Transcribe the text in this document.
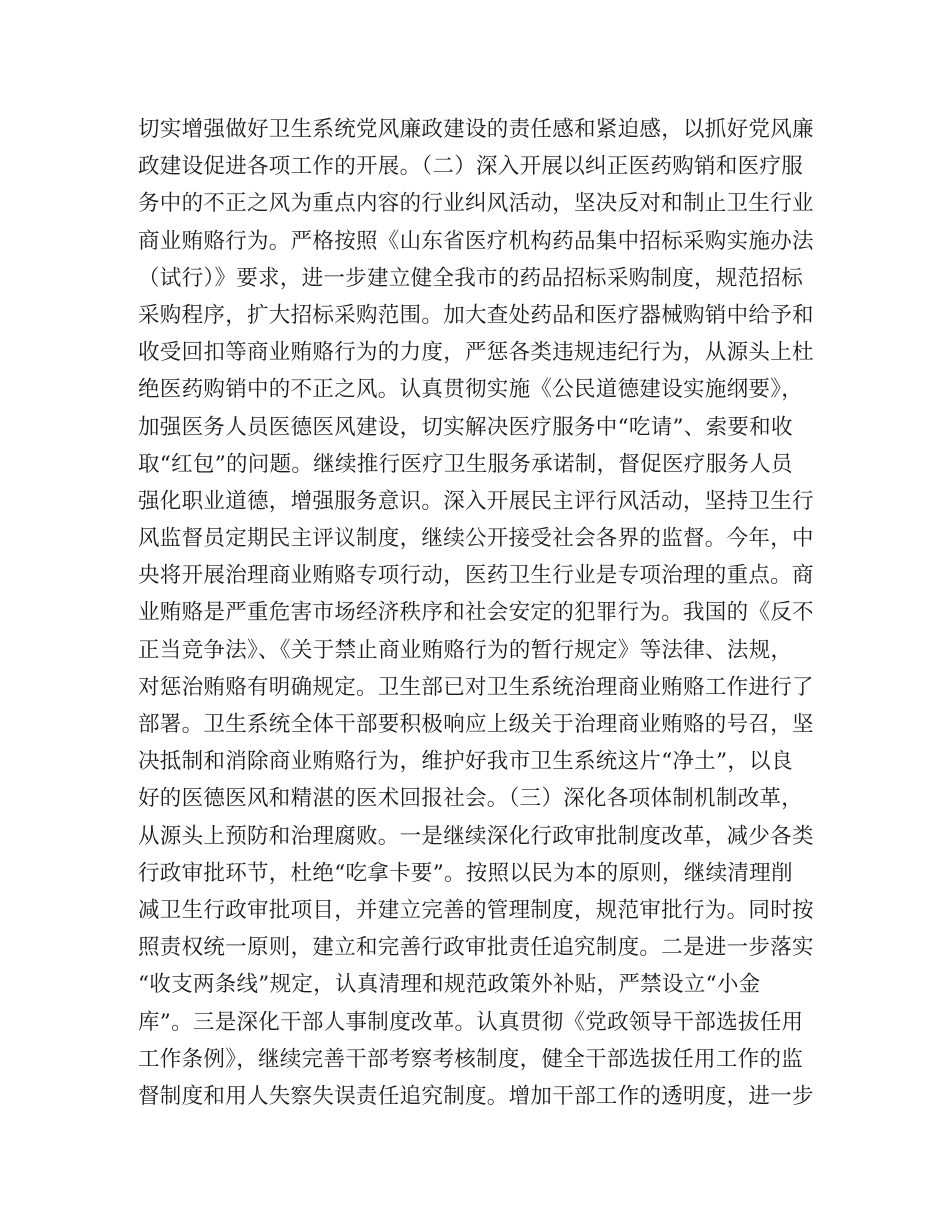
切实增强做好卫生系统党风廉政建设的责任感和紧迫感，以抓好党风廉
政建设促进各项工作的开展。（二）深入开展以纠正医药购销和医疗服
务中的不正之风为重点内容的行业纠风活动，坚决反对和制止卫生行业
商业贿赂行为。严格按照《山东省医疗机构药品集中招标采购实施办法
（试行）》要求，进一步建立健全我市的药品招标采购制度，规范招标
采购程序，扩大招标采购范围。加大查处药品和医疗器械购销中给予和
收受回扣等商业贿赂行为的力度，严惩各类违规违纪行为，从源头上杜
绝医药购销中的不正之风。认真贯彻实施《公民道德建设实施纲要》，
加强医务人员医德医风建设，切实解决医疗服务中“吃请”、索要和收
取“红包”的问题。继续推行医疗卫生服务承诺制，督促医疗服务人员
强化职业道德，增强服务意识。深入开展民主评行风活动，坚持卫生行
风监督员定期民主评议制度，继续公开接受社会各界的监督。今年，中
央将开展治理商业贿赂专项行动，医药卫生行业是专项治理的重点。商
业贿赂是严重危害市场经济秩序和社会安定的犯罪行为。我国的《反不
正当竞争法》、《关于禁止商业贿赂行为的暂行规定》等法律、法规，
对惩治贿赂有明确规定。卫生部已对卫生系统治理商业贿赂工作进行了
部署。卫生系统全体干部要积极响应上级关于治理商业贿赂的号召，坚
决抵制和消除商业贿赂行为，维护好我市卫生系统这片“净土”，以良
好的医德医风和精湛的医术回报社会。（三）深化各项体制机制改革，
从源头上预防和治理腐败。一是继续深化行政审批制度改革，减少各类
行政审批环节，杜绝“吃拿卡要”。按照以民为本的原则，继续清理削
减卫生行政审批项目，并建立完善的管理制度，规范审批行为。同时按
照责权统一原则，建立和完善行政审批责任追究制度。二是进一步落实
“收支两条线”规定，认真清理和规范政策外补贴，严禁设立“小金
库”。三是深化干部人事制度改革。认真贯彻《党政领导干部选拔任用
工作条例》，继续完善干部考察考核制度，健全干部选拔任用工作的监
督制度和用人失察失误责任追究制度。增加干部工作的透明度，进一步
